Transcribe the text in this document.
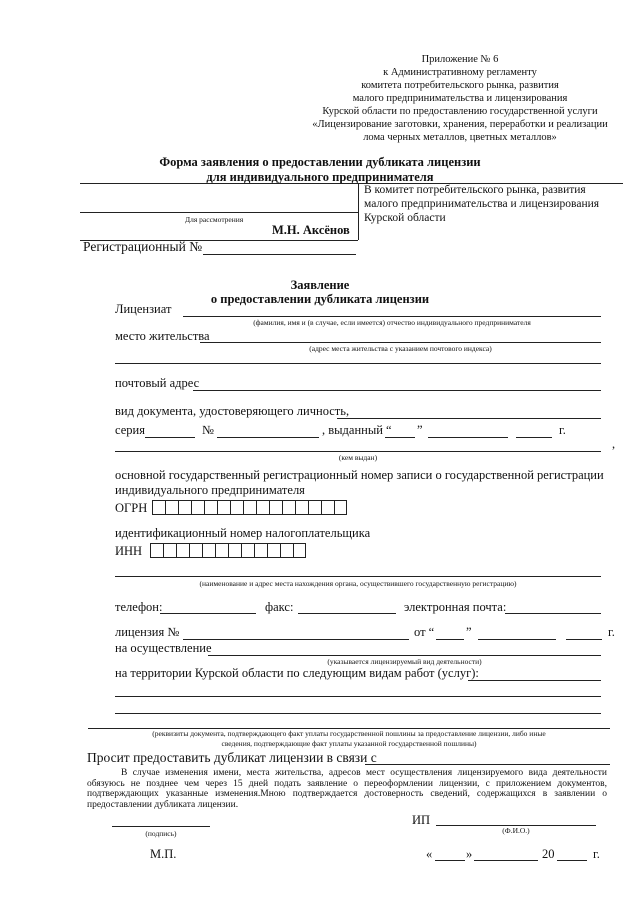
Приложение № 6
к Административному регламенту
комитета потребительского рынка, развития
малого предпринимательства и лицензирования
Курской области по предоставлению государственной услуги
«Лицензирование заготовки, хранения, переработки и реализации
лома черных металлов, цветных металлов»
Форма заявления о предоставлении дубликата лицензии
для индивидуального предпринимателя
Для рассмотрения
М.Н. Аксёнов
В комитет потребительского рынка, развития
малого предпринимательства и лицензирования
Курской области
Регистрационный №
Заявление
о предоставлении дубликата лицензии
Лицензиат
(фамилия, имя и (в случае, если имеется) отчество индивидуального предпринимателя
место жительства
(адрес места жительства с указанием почтового индекса)
почтовый адрес
вид документа, удостоверяющего личность,
серия	№	, выданный “ ”	г.
,
(кем выдан)
основной государственный регистрационный номер записи о государственной регистрации
индивидуального предпринимателя
ОГРН
идентификационный номер налогоплательщика
ИНН
(наименование и адрес места нахождения органа, осуществившего государственную регистрацию)
телефон:	факс:	электронная почта:
лицензия №	от “	”	г.
на осуществление
(указывается лицензируемый вид деятельности)
на территории Курской области по следующим видам работ (услуг):
(реквизиты документа, подтверждающего факт уплаты государственной пошлины за предоставление лицензии, либо иные
сведения, подтверждающие факт уплаты указанной государственной пошлины)
Просит предоставить дубликат лицензии в связи с
В случае изменения имени, места жительства, адресов мест осуществления лицензируемого вида деятельности обязуюсь не позднее чем через 15 дней подать заявление о переоформлении лицензии, с приложением документов, подтверждающих указанные изменения.Мною подтверждается достоверность сведений, содержащихся в заявлении о предоставлении дубликата лицензии.
(подпись)
ИП
(Ф.И.О.)
М.П.	«	»	20	г.
